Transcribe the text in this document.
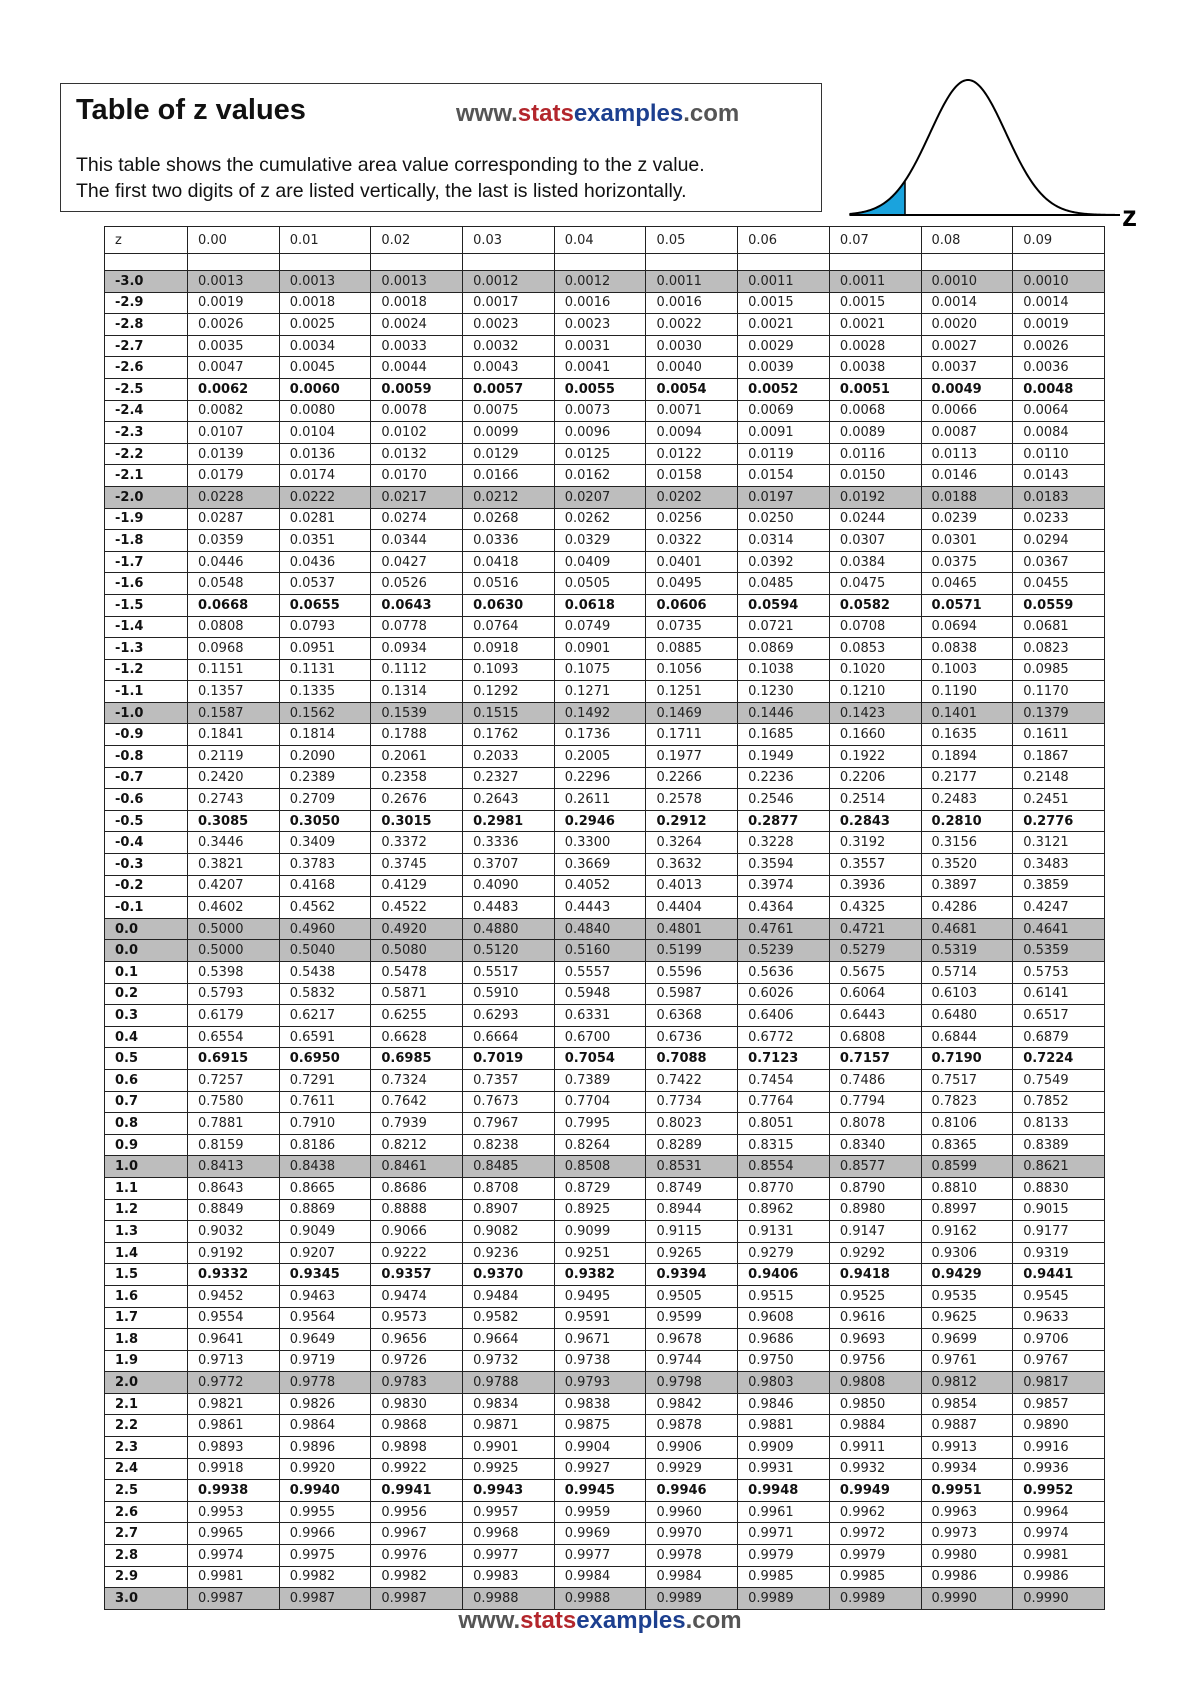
Table of z values	www.statsexamples.com
This table shows the cumulative area value corresponding to the z value.
The first two digits of z are listed vertically, the last is listed horizontally.
z
z	0.00	0.01	0.02	0.03	0.04	0.05	0.06	0.07	0.08	0.09

-3.0	0.0013	0.0013	0.0013	0.0012	0.0012	0.0011	0.0011	0.0011	0.0010	0.0010
-2.9	0.0019	0.0018	0.0018	0.0017	0.0016	0.0016	0.0015	0.0015	0.0014	0.0014
-2.8	0.0026	0.0025	0.0024	0.0023	0.0023	0.0022	0.0021	0.0021	0.0020	0.0019
-2.7	0.0035	0.0034	0.0033	0.0032	0.0031	0.0030	0.0029	0.0028	0.0027	0.0026
-2.6	0.0047	0.0045	0.0044	0.0043	0.0041	0.0040	0.0039	0.0038	0.0037	0.0036
-2.5	0.0062	0.0060	0.0059	0.0057	0.0055	0.0054	0.0052	0.0051	0.0049	0.0048
-2.4	0.0082	0.0080	0.0078	0.0075	0.0073	0.0071	0.0069	0.0068	0.0066	0.0064
-2.3	0.0107	0.0104	0.0102	0.0099	0.0096	0.0094	0.0091	0.0089	0.0087	0.0084
-2.2	0.0139	0.0136	0.0132	0.0129	0.0125	0.0122	0.0119	0.0116	0.0113	0.0110
-2.1	0.0179	0.0174	0.0170	0.0166	0.0162	0.0158	0.0154	0.0150	0.0146	0.0143
-2.0	0.0228	0.0222	0.0217	0.0212	0.0207	0.0202	0.0197	0.0192	0.0188	0.0183
-1.9	0.0287	0.0281	0.0274	0.0268	0.0262	0.0256	0.0250	0.0244	0.0239	0.0233
-1.8	0.0359	0.0351	0.0344	0.0336	0.0329	0.0322	0.0314	0.0307	0.0301	0.0294
-1.7	0.0446	0.0436	0.0427	0.0418	0.0409	0.0401	0.0392	0.0384	0.0375	0.0367
-1.6	0.0548	0.0537	0.0526	0.0516	0.0505	0.0495	0.0485	0.0475	0.0465	0.0455
-1.5	0.0668	0.0655	0.0643	0.0630	0.0618	0.0606	0.0594	0.0582	0.0571	0.0559
-1.4	0.0808	0.0793	0.0778	0.0764	0.0749	0.0735	0.0721	0.0708	0.0694	0.0681
-1.3	0.0968	0.0951	0.0934	0.0918	0.0901	0.0885	0.0869	0.0853	0.0838	0.0823
-1.2	0.1151	0.1131	0.1112	0.1093	0.1075	0.1056	0.1038	0.1020	0.1003	0.0985
-1.1	0.1357	0.1335	0.1314	0.1292	0.1271	0.1251	0.1230	0.1210	0.1190	0.1170
-1.0	0.1587	0.1562	0.1539	0.1515	0.1492	0.1469	0.1446	0.1423	0.1401	0.1379
-0.9	0.1841	0.1814	0.1788	0.1762	0.1736	0.1711	0.1685	0.1660	0.1635	0.1611
-0.8	0.2119	0.2090	0.2061	0.2033	0.2005	0.1977	0.1949	0.1922	0.1894	0.1867
-0.7	0.2420	0.2389	0.2358	0.2327	0.2296	0.2266	0.2236	0.2206	0.2177	0.2148
-0.6	0.2743	0.2709	0.2676	0.2643	0.2611	0.2578	0.2546	0.2514	0.2483	0.2451
-0.5	0.3085	0.3050	0.3015	0.2981	0.2946	0.2912	0.2877	0.2843	0.2810	0.2776
-0.4	0.3446	0.3409	0.3372	0.3336	0.3300	0.3264	0.3228	0.3192	0.3156	0.3121
-0.3	0.3821	0.3783	0.3745	0.3707	0.3669	0.3632	0.3594	0.3557	0.3520	0.3483
-0.2	0.4207	0.4168	0.4129	0.4090	0.4052	0.4013	0.3974	0.3936	0.3897	0.3859
-0.1	0.4602	0.4562	0.4522	0.4483	0.4443	0.4404	0.4364	0.4325	0.4286	0.4247
0.0	0.5000	0.4960	0.4920	0.4880	0.4840	0.4801	0.4761	0.4721	0.4681	0.4641
0.0	0.5000	0.5040	0.5080	0.5120	0.5160	0.5199	0.5239	0.5279	0.5319	0.5359
0.1	0.5398	0.5438	0.5478	0.5517	0.5557	0.5596	0.5636	0.5675	0.5714	0.5753
0.2	0.5793	0.5832	0.5871	0.5910	0.5948	0.5987	0.6026	0.6064	0.6103	0.6141
0.3	0.6179	0.6217	0.6255	0.6293	0.6331	0.6368	0.6406	0.6443	0.6480	0.6517
0.4	0.6554	0.6591	0.6628	0.6664	0.6700	0.6736	0.6772	0.6808	0.6844	0.6879
0.5	0.6915	0.6950	0.6985	0.7019	0.7054	0.7088	0.7123	0.7157	0.7190	0.7224
0.6	0.7257	0.7291	0.7324	0.7357	0.7389	0.7422	0.7454	0.7486	0.7517	0.7549
0.7	0.7580	0.7611	0.7642	0.7673	0.7704	0.7734	0.7764	0.7794	0.7823	0.7852
0.8	0.7881	0.7910	0.7939	0.7967	0.7995	0.8023	0.8051	0.8078	0.8106	0.8133
0.9	0.8159	0.8186	0.8212	0.8238	0.8264	0.8289	0.8315	0.8340	0.8365	0.8389
1.0	0.8413	0.8438	0.8461	0.8485	0.8508	0.8531	0.8554	0.8577	0.8599	0.8621
1.1	0.8643	0.8665	0.8686	0.8708	0.8729	0.8749	0.8770	0.8790	0.8810	0.8830
1.2	0.8849	0.8869	0.8888	0.8907	0.8925	0.8944	0.8962	0.8980	0.8997	0.9015
1.3	0.9032	0.9049	0.9066	0.9082	0.9099	0.9115	0.9131	0.9147	0.9162	0.9177
1.4	0.9192	0.9207	0.9222	0.9236	0.9251	0.9265	0.9279	0.9292	0.9306	0.9319
1.5	0.9332	0.9345	0.9357	0.9370	0.9382	0.9394	0.9406	0.9418	0.9429	0.9441
1.6	0.9452	0.9463	0.9474	0.9484	0.9495	0.9505	0.9515	0.9525	0.9535	0.9545
1.7	0.9554	0.9564	0.9573	0.9582	0.9591	0.9599	0.9608	0.9616	0.9625	0.9633
1.8	0.9641	0.9649	0.9656	0.9664	0.9671	0.9678	0.9686	0.9693	0.9699	0.9706
1.9	0.9713	0.9719	0.9726	0.9732	0.9738	0.9744	0.9750	0.9756	0.9761	0.9767
2.0	0.9772	0.9778	0.9783	0.9788	0.9793	0.9798	0.9803	0.9808	0.9812	0.9817
2.1	0.9821	0.9826	0.9830	0.9834	0.9838	0.9842	0.9846	0.9850	0.9854	0.9857
2.2	0.9861	0.9864	0.9868	0.9871	0.9875	0.9878	0.9881	0.9884	0.9887	0.9890
2.3	0.9893	0.9896	0.9898	0.9901	0.9904	0.9906	0.9909	0.9911	0.9913	0.9916
2.4	0.9918	0.9920	0.9922	0.9925	0.9927	0.9929	0.9931	0.9932	0.9934	0.9936
2.5	0.9938	0.9940	0.9941	0.9943	0.9945	0.9946	0.9948	0.9949	0.9951	0.9952
2.6	0.9953	0.9955	0.9956	0.9957	0.9959	0.9960	0.9961	0.9962	0.9963	0.9964
2.7	0.9965	0.9966	0.9967	0.9968	0.9969	0.9970	0.9971	0.9972	0.9973	0.9974
2.8	0.9974	0.9975	0.9976	0.9977	0.9977	0.9978	0.9979	0.9979	0.9980	0.9981
2.9	0.9981	0.9982	0.9982	0.9983	0.9984	0.9984	0.9985	0.9985	0.9986	0.9986
3.0	0.9987	0.9987	0.9987	0.9988	0.9988	0.9989	0.9989	0.9989	0.9990	0.9990
www.statsexamples.com
